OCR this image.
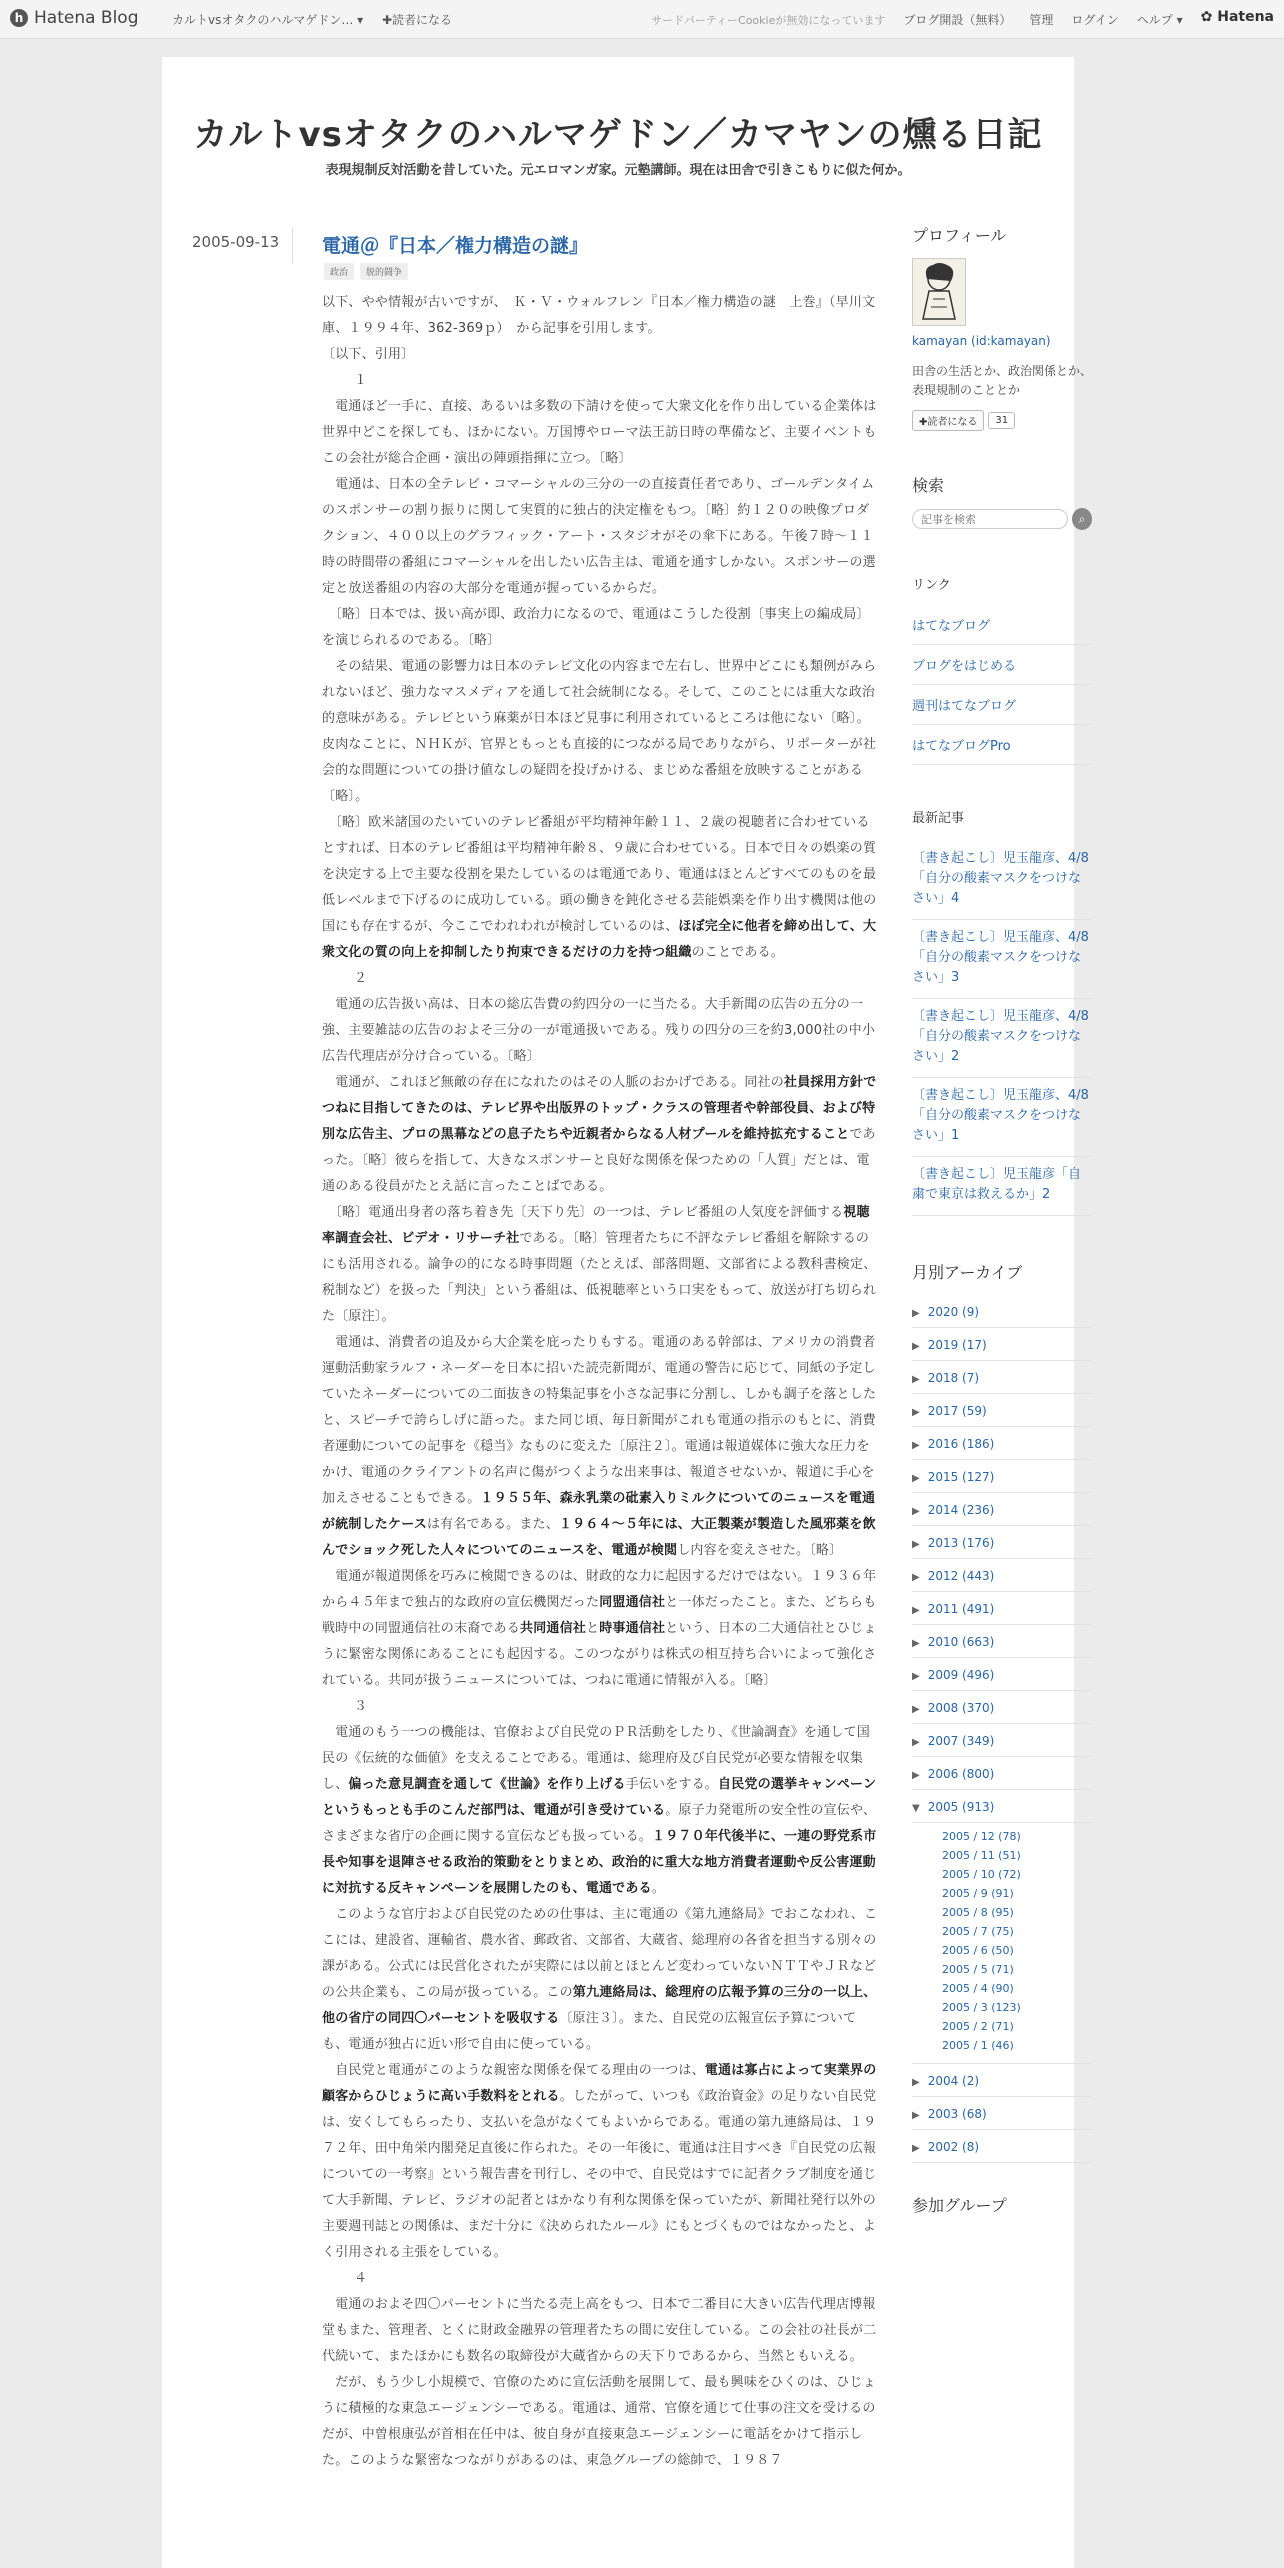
h Hatena Blog	カルトvsオタクのハルマゲドン… ▾	✚読者になる	サードパーティーCookieが無効になっています ブログ開設（無料） 管理 ログイン ヘルプ ▾ ✿ Hatena
カルトvsオタクのハルマゲドン／カマヤンの燻る日記
表現規制反対活動を昔していた。元エロマンガ家。元塾講師。現在は田舎で引きこもりに似た何か。
2005-09-13 電通＠『日本／権力構造の謎』
政治	脱的闘争

以下、やや情報が古いですが、　Ｋ・Ｖ・ウォルフレン『日本／権力構造の謎　上巻』（早川文庫、１９９４年、362-369ｐ）　から記事を引用します。

〔以下、引用〕

１

　電通ほど一手に、直接、あるいは多数の下請けを使って大衆文化を作り出している企業体は世界中どこを探しても、ほかにない。万国博やローマ法王訪日時の準備など、主要イベントもこの会社が総合企画・演出の陣頭指揮に立つ。〔略〕

　電通は、日本の全テレビ・コマーシャルの三分の一の直接責任者であり、ゴールデンタイムのスポンサーの割り振りに関して実質的に独占的決定権をもつ。〔略〕約１２０の映像プロダクション、４００以上のグラフィック・アート・スタジオがその傘下にある。午後７時〜１１時の時間帯の番組にコマーシャルを出したい広告主は、電通を通すしかない。スポンサーの選定と放送番組の内容の大部分を電通が握っているからだ。

　〔略〕日本では、扱い高が即、政治力になるので、電通はこうした役割〔事実上の編成局〕を演じられるのである。〔略〕

　その結果、電通の影響力は日本のテレビ文化の内容まで左右し、世界中どこにも類例がみられないほど、強力なマスメディアを通して社会統制になる。そして、このことには重大な政治的意味がある。テレビという麻薬が日本ほど見事に利用されているところは他にない〔略〕。皮肉なことに、ＮＨＫが、官界ともっとも直接的につながる局でありながら、リポーターが社会的な問題についての掛け値なしの疑問を投げかける、まじめな番組を放映することがある〔略〕。

　〔略〕欧米諸国のたいていのテレビ番組が平均精神年齢１１、２歳の視聴者に合わせているとすれば、日本のテレビ番組は平均精神年齢８、９歳に合わせている。日本で日々の娯楽の質を決定する上で主要な役割を果たしているのは電通であり、電通はほとんどすべてのものを最低レベルまで下げるのに成功している。頭の働きを鈍化させる芸能娯楽を作り出す機関は他の国にも存在するが、今ここでわれわれが検討しているのは、ほぼ完全に他者を締め出して、大衆文化の質の向上を抑制したり拘束できるだけの力を持つ組織のことである。

２

　電通の広告扱い高は、日本の総広告費の約四分の一に当たる。大手新聞の広告の五分の一強、主要雑誌の広告のおよそ三分の一が電通扱いである。残りの四分の三を約3,000社の中小広告代理店が分け合っている。〔略〕

　電通が、これほど無敵の存在になれたのはその人脈のおかげである。同社の社員採用方針でつねに目指してきたのは、テレビ界や出版界のトップ・クラスの管理者や幹部役員、および特別な広告主、プロの黒幕などの息子たちや近親者からなる人材プールを維持拡充することであった。〔略〕彼らを指して、大きなスポンサーと良好な関係を保つための「人質」だとは、電通のある役員がたとえ話に言ったことばである。

　〔略〕電通出身者の落ち着き先〔天下り先〕の一つは、テレビ番組の人気度を評価する視聴率調査会社、ビデオ・リサーチ社である。〔略〕管理者たちに不評なテレビ番組を解除するのにも活用される。論争の的になる時事問題（たとえば、部落問題、文部省による教科書検定、税制など）を扱った「判決」という番組は、低視聴率という口実をもって、放送が打ち切られた〔原注〕。

　電通は、消費者の追及から大企業を庇ったりもする。電通のある幹部は、アメリカの消費者運動活動家ラルフ・ネーダーを日本に招いた読売新聞が、電通の警告に応じて、同紙の予定していたネーダーについての二面抜きの特集記事を小さな記事に分割し、しかも調子を落としたと、スピーチで誇らしげに語った。また同じ頃、毎日新聞がこれも電通の指示のもとに、消費者運動についての記事を《穏当》なものに変えた〔原注２〕。電通は報道媒体に強大な圧力をかけ、電通のクライアントの名声に傷がつくような出来事は、報道させないか、報道に手心を加えさせることもできる。１９５５年、森永乳業の砒素入りミルクについてのニュースを電通が統制したケースは有名である。また、１９６４〜５年には、大正製薬が製造した風邪薬を飲んでショック死した人々についてのニュースを、電通が検閲し内容を変えさせた。〔略〕

　電通が報道関係を巧みに検閲できるのは、財政的な力に起因するだけではない。１９３６年から４５年まで独占的な政府の宣伝機関だった同盟通信社と一体だったこと。また、どちらも戦時中の同盟通信社の末裔である共同通信社と時事通信社という、日本の二大通信社とひじょうに緊密な関係にあることにも起因する。このつながりは株式の相互持ち合いによって強化されている。共同が扱うニュースについては、つねに電通に情報が入る。〔略〕

３

　電通のもう一つの機能は、官僚および自民党のＰＲ活動をしたり、《世論調査》を通して国民の《伝統的な価値》を支えることである。電通は、総理府及び自民党が必要な情報を収集し、偏った意見調査を通して《世論》を作り上げる手伝いをする。自民党の選挙キャンペーンというもっとも手のこんだ部門は、電通が引き受けている。原子力発電所の安全性の宣伝や、さまざまな省庁の企画に関する宣伝なども扱っている。１９７０年代後半に、一連の野党系市長や知事を退陣させる政治的策動をとりまとめ、政治的に重大な地方消費者運動や反公害運動に対抗する反キャンペーンを展開したのも、電通である。

　このような官庁および自民党のための仕事は、主に電通の《第九連絡局》でおこなわれ、ここには、建設省、運輸省、農水省、郵政省、文部省、大蔵省、総理府の各省を担当する別々の課がある。公式には民営化されたが実際には以前とほとんど変わっていないＮＴＴやＪＲなどの公共企業も、この局が扱っている。この第九連絡局は、総理府の広報予算の三分の一以上、他の省庁の同四〇パーセントを吸収する〔原注３〕。また、自民党の広報宣伝予算についても、電通が独占に近い形で自由に使っている。

　自民党と電通がこのような親密な関係を保てる理由の一つは、電通は寡占によって実業界の顧客からひじょうに高い手数料をとれる。したがって、いつも《政治資金》の足りない自民党は、安くしてもらったり、支払いを急がなくてもよいからである。電通の第九連絡局は、１９７２年、田中角栄内閣発足直後に作られた。その一年後に、電通は注目すべき『自民党の広報についての一考察』という報告書を刊行し、その中で、自民党はすでに記者クラブ制度を通じて大手新聞、テレビ、ラジオの記者とはかなり有利な関係を保っていたが、新聞社発行以外の主要週刊誌との関係は、まだ十分に《決められたルール》にもとづくものではなかったと、よく引用される主張をしている。

４

　電通のおよそ四〇パーセントに当たる売上高をもつ、日本で二番目に大きい広告代理店博報堂もまた、管理者、とくに財政金融界の管理者たちの間に安住している。この会社の社長が二代続いて、またほかにも数名の取締役が大蔵省からの天下りであるから、当然ともいえる。

　だが、もう少し小規模で、官僚のために宣伝活動を展開して、最も興味をひくのは、ひじょうに積極的な東急エージェンシーである。電通は、通常、官僚を通じて仕事の注文を受けるのだが、中曽根康弘が首相在任中は、彼自身が直接東急エージェンシーに電話をかけて指示した。このような緊密なつながりがあるのは、東急グループの総帥で、１９８７

プロフィール
kamayan (id:kamayan)
田舎の生活とか、政治関係とか、表現規制のこととか
✚読者になる	31
検索
記事を検索
⌕
リンク
はてなブログ
ブログをはじめる
週刊はてなブログ
はてなブログPro
最新記事
〔書き起こし〕児玉龍彦、4/8「自分の酸素マスクをつけなさい」4
〔書き起こし〕児玉龍彦、4/8「自分の酸素マスクをつけなさい」3
〔書き起こし〕児玉龍彦、4/8「自分の酸素マスクをつけなさい」2
〔書き起こし〕児玉龍彦、4/8「自分の酸素マスクをつけなさい」1
〔書き起こし〕児玉龍彦「自粛で東京は救えるか」2
月別アーカイブ
▶ 2020 (9)
▶ 2019 (17)
▶ 2018 (7)
▶ 2017 (59)
▶ 2016 (186)
▶ 2015 (127)
▶ 2014 (236)
▶ 2013 (176)
▶ 2012 (443)
▶ 2011 (491)
▶ 2010 (663)
▶ 2009 (496)
▶ 2008 (370)
▶ 2007 (349)
▶ 2006 (800)
▼ 2005 (913)
2005 / 12 (78)
2005 / 11 (51)
2005 / 10 (72)
2005 / 9 (91)
2005 / 8 (95)
2005 / 7 (75)
2005 / 6 (50)
2005 / 5 (71)
2005 / 4 (90)
2005 / 3 (123)
2005 / 2 (71)
2005 / 1 (46)
▶ 2004 (2)
▶ 2003 (68)
▶ 2002 (8)
参加グループ
